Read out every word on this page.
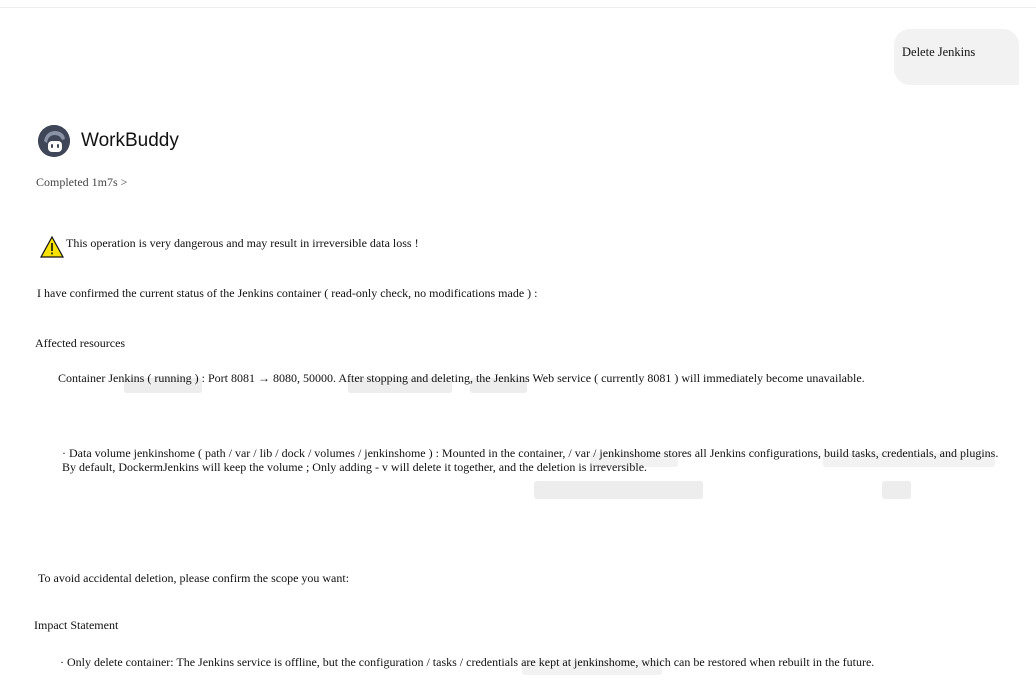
Delete Jenkins
WorkBuddy
Completed 1m7s >
This operation is very dangerous and may result in irreversible data loss !
I have confirmed the current status of the Jenkins container ( read-only check, no modifications made ) :
Affected resources
Container Jenkins ( running ) : Port 8081 → 8080, 50000. After stopping and deleting, the Jenkins Web service ( currently 8081 ) will immediately become unavailable.
· Data volume jenkinshome ( path / var / lib / dock / volumes / jenkinshome ) : Mounted in the container, / var / jenkinshome stores all Jenkins configurations, build tasks, credentials, and plugins. By default, DockermJenkins will keep the volume ; Only adding - v will delete it together, and the deletion is irreversible.
To avoid accidental deletion, please confirm the scope you want:
Impact Statement
· Only delete container: The Jenkins service is offline, but the configuration / tasks / credentials are kept at jenkinshome, which can be restored when rebuilt in the future.
